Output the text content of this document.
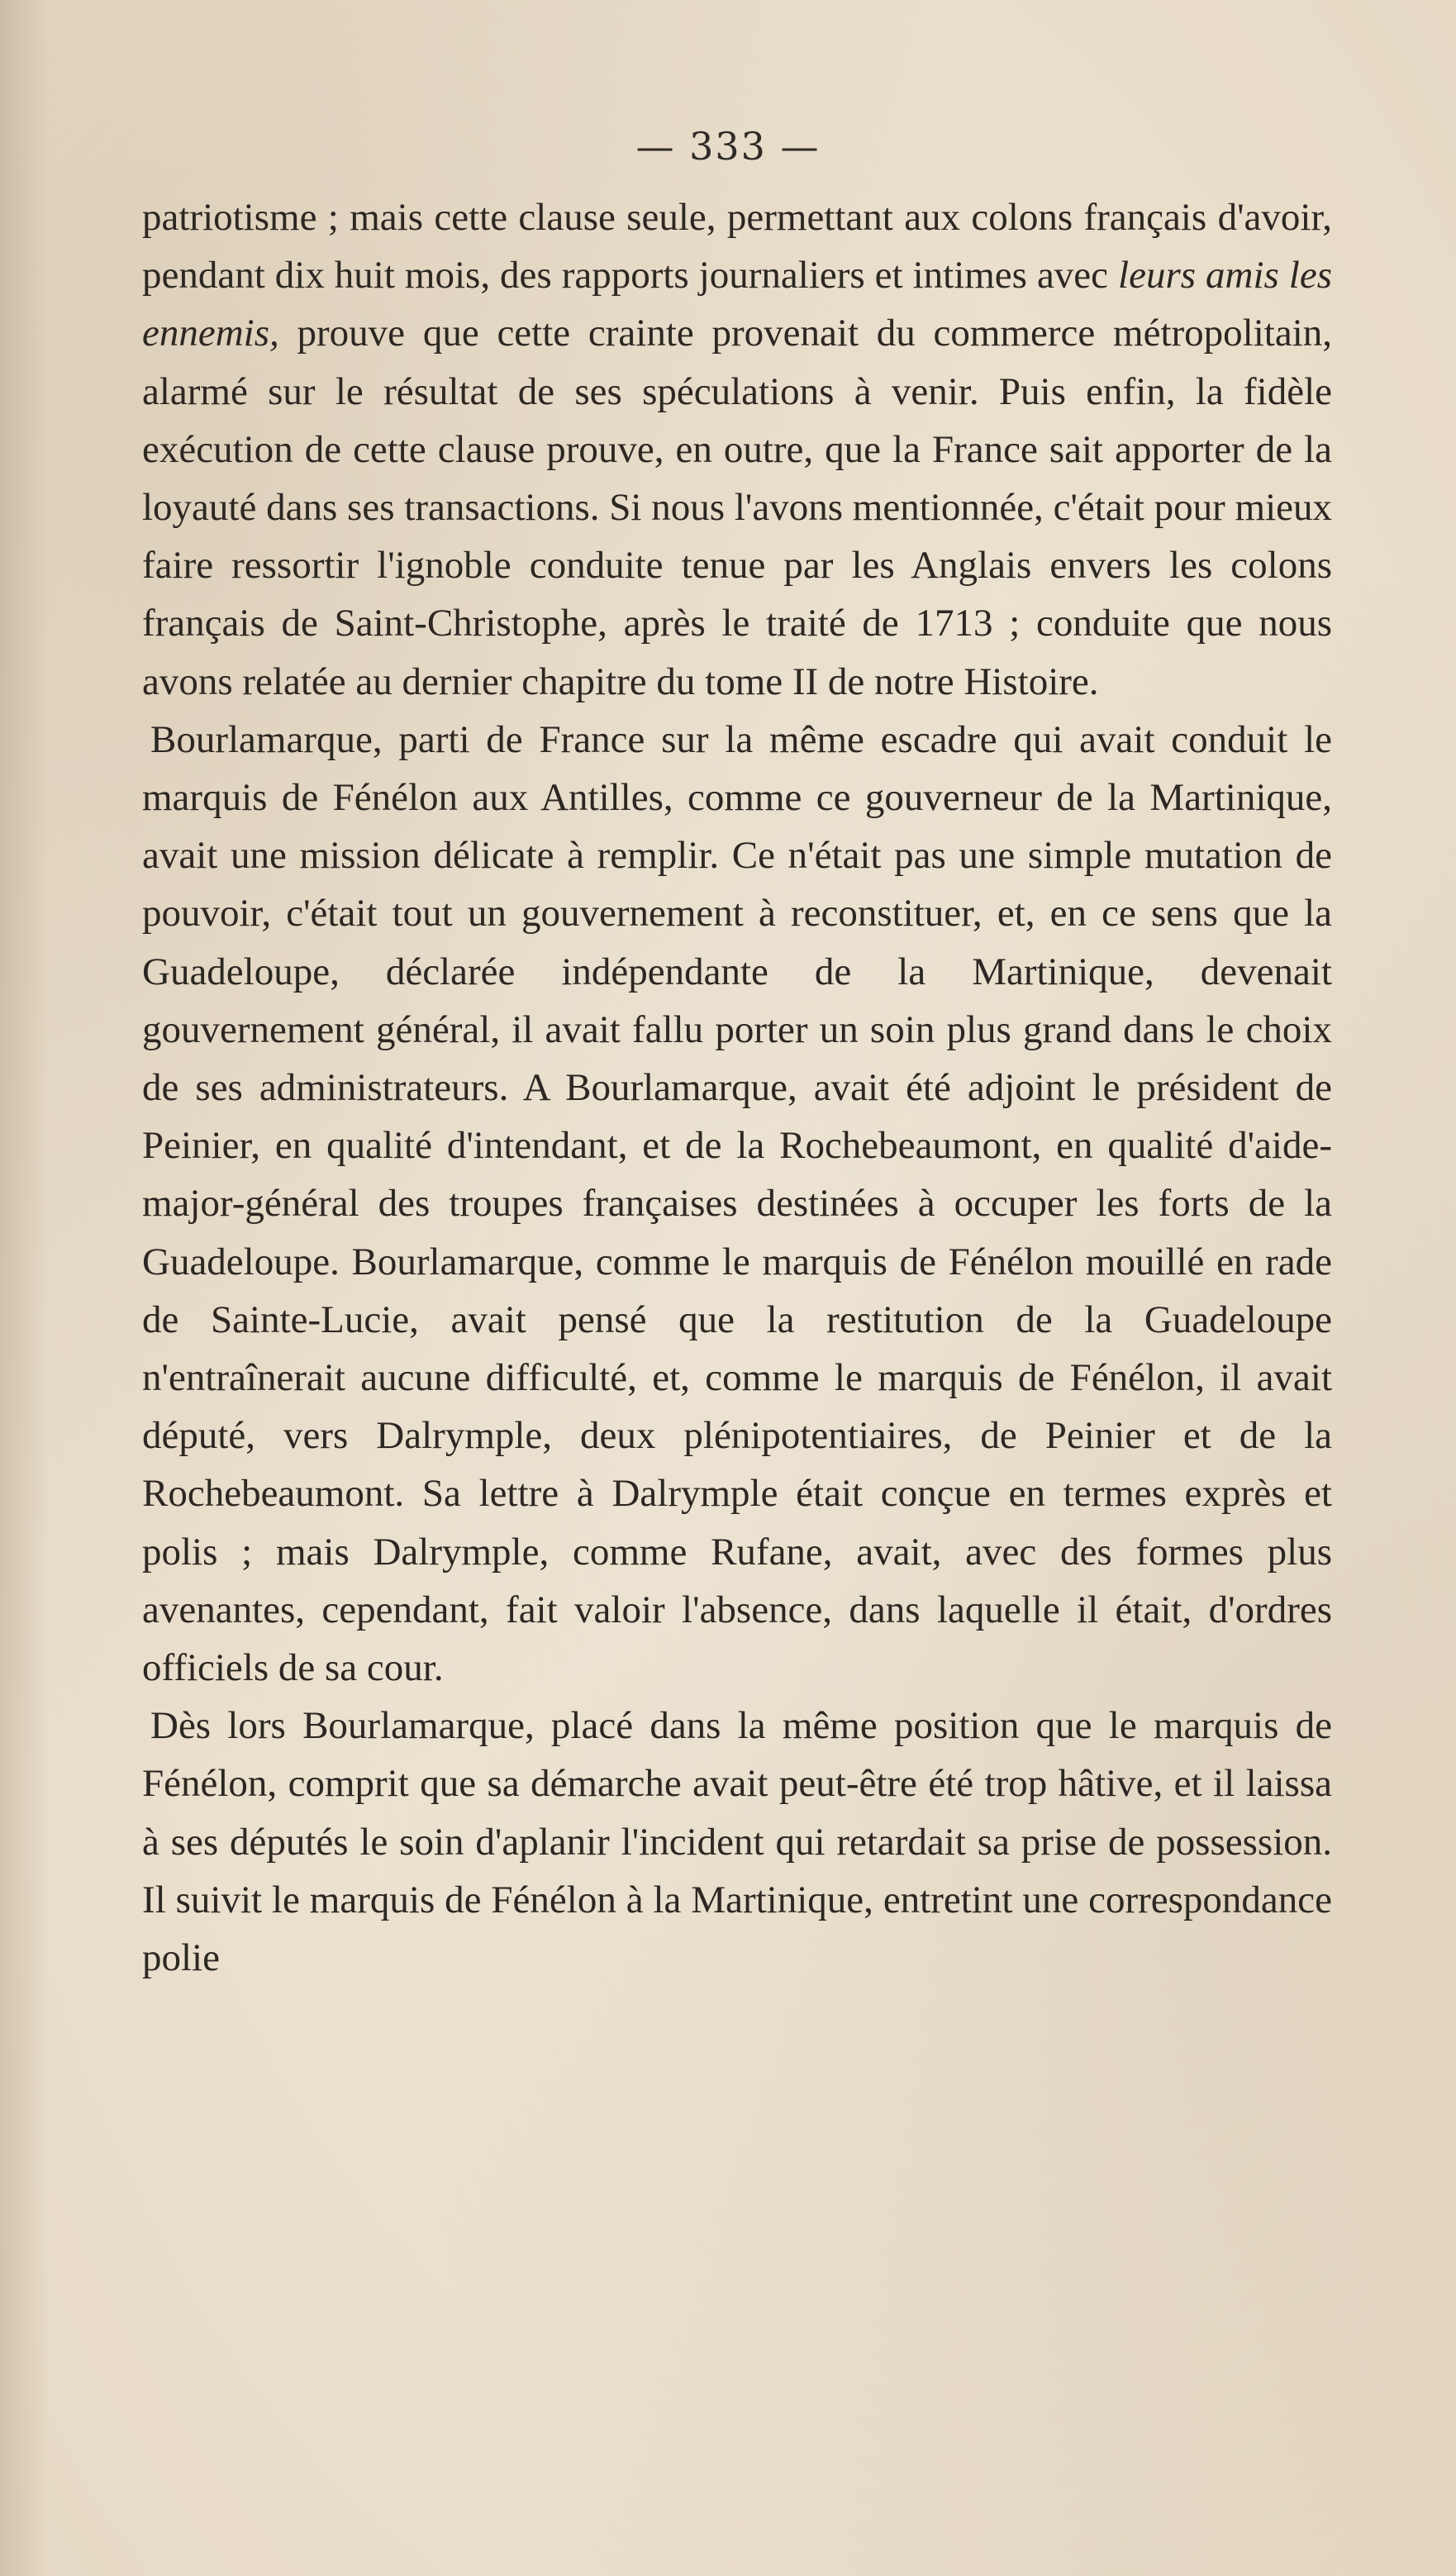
— 333 —

patriotisme ; mais cette clause seule, permettant aux colons français d'avoir, pendant dix huit mois, des rapports journaliers et intimes avec leurs amis les ennemis, prouve que cette crainte provenait du commerce métropolitain, alarmé sur le résultat de ses spéculations à venir. Puis enfin, la fidèle exécution de cette clause prouve, en outre, que la France sait apporter de la loyauté dans ses transactions. Si nous l'avons mentionnée, c'était pour mieux faire ressortir l'ignoble conduite tenue par les Anglais envers les colons français de Saint-Christophe, après le traité de 1713 ; conduite que nous avons relatée au dernier chapitre du tome II de notre Histoire.

Bourlamarque, parti de France sur la même escadre qui avait conduit le marquis de Fénélon aux Antilles, comme ce gouverneur de la Martinique, avait une mission délicate à remplir. Ce n'était pas une simple mutation de pouvoir, c'était tout un gouvernement à reconstituer, et, en ce sens que la Guadeloupe, déclarée indépendante de la Martinique, devenait gouvernement général, il avait fallu porter un soin plus grand dans le choix de ses administrateurs. A Bourlamarque, avait été adjoint le président de Peinier, en qualité d'intendant, et de la Rochebeaumont, en qualité d'aide-major-général des troupes françaises destinées à occuper les forts de la Guadeloupe. Bourlamarque, comme le marquis de Fénélon mouillé en rade de Sainte-Lucie, avait pensé que la restitution de la Guadeloupe n'entraînerait aucune difficulté, et, comme le marquis de Fénélon, il avait député, vers Dalrymple, deux plénipotentiaires, de Peinier et de la Rochebeaumont. Sa lettre à Dalrymple était conçue en termes exprès et polis ; mais Dalrymple, comme Rufane, avait, avec des formes plus avenantes, cependant, fait valoir l'absence, dans laquelle il était, d'ordres officiels de sa cour.

Dès lors Bourlamarque, placé dans la même position que le marquis de Fénélon, comprit que sa démarche avait peut-être été trop hâtive, et il laissa à ses députés le soin d'aplanir l'incident qui retardait sa prise de possession. Il suivit le marquis de Fénélon à la Martinique, entretint une correspondance polie
